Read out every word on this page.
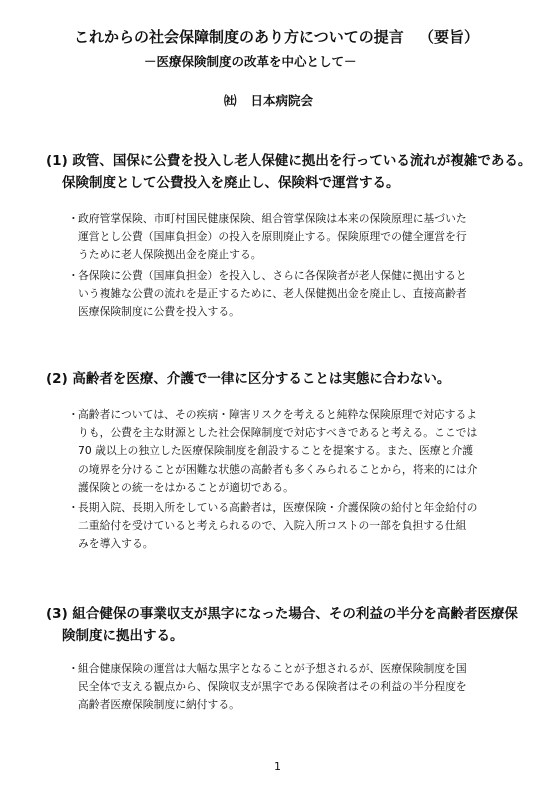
これからの社会保障制度のあり方についての提言 （要旨）
－医療保険制度の改革を中心として－
㈳ 日本病院会
(1) 政管、国保に公費を投入し老人保健に拠出を行っている流れが複雑である。
保険制度として公費投入を廃止し、保険料で運営する。
・ 政府管掌保険、市町村国民健康保険、組合管掌保険は本来の保険原理に基づいた
運営とし公費（国庫負担金）の投入を原則廃止する。保険原理での健全運営を行
うために老人保険拠出金を廃止する。
・ 各保険に公費（国庫負担金）を投入し、さらに各保険者が老人保健に拠出すると
いう複雑な公費の流れを是正するために、老人保健拠出金を廃止し、直接高齢者
医療保険制度に公費を投入する。
(2) 高齢者を医療、介護で一律に区分することは実態に合わない。
・ 高齢者については、その疾病・障害リスクを考えると純粋な保険原理で対応するよ
りも，公費を主な財源とした社会保障制度で対応すべきであると考える。ここでは
70 歳以上の独立した医療保険制度を創設することを提案する。また、医療と介護
の境界を分けることが困難な状態の高齢者も多くみられることから，将来的には介
護保険との統一をはかることが適切である。
・ 長期入院、長期入所をしている高齢者は，医療保険・介護保険の給付と年金給付の
二重給付を受けていると考えられるので、入院入所コストの一部を負担する仕組
みを導入する。
(3) 組合健保の事業収支が黒字になった場合、その利益の半分を高齢者医療保
険制度に拠出する。
・ 組合健康保険の運営は大幅な黒字となることが予想されるが、医療保険制度を国
民全体で支える観点から、保険収支が黒字である保険者はその利益の半分程度を
高齢者医療保険制度に納付する。
1
